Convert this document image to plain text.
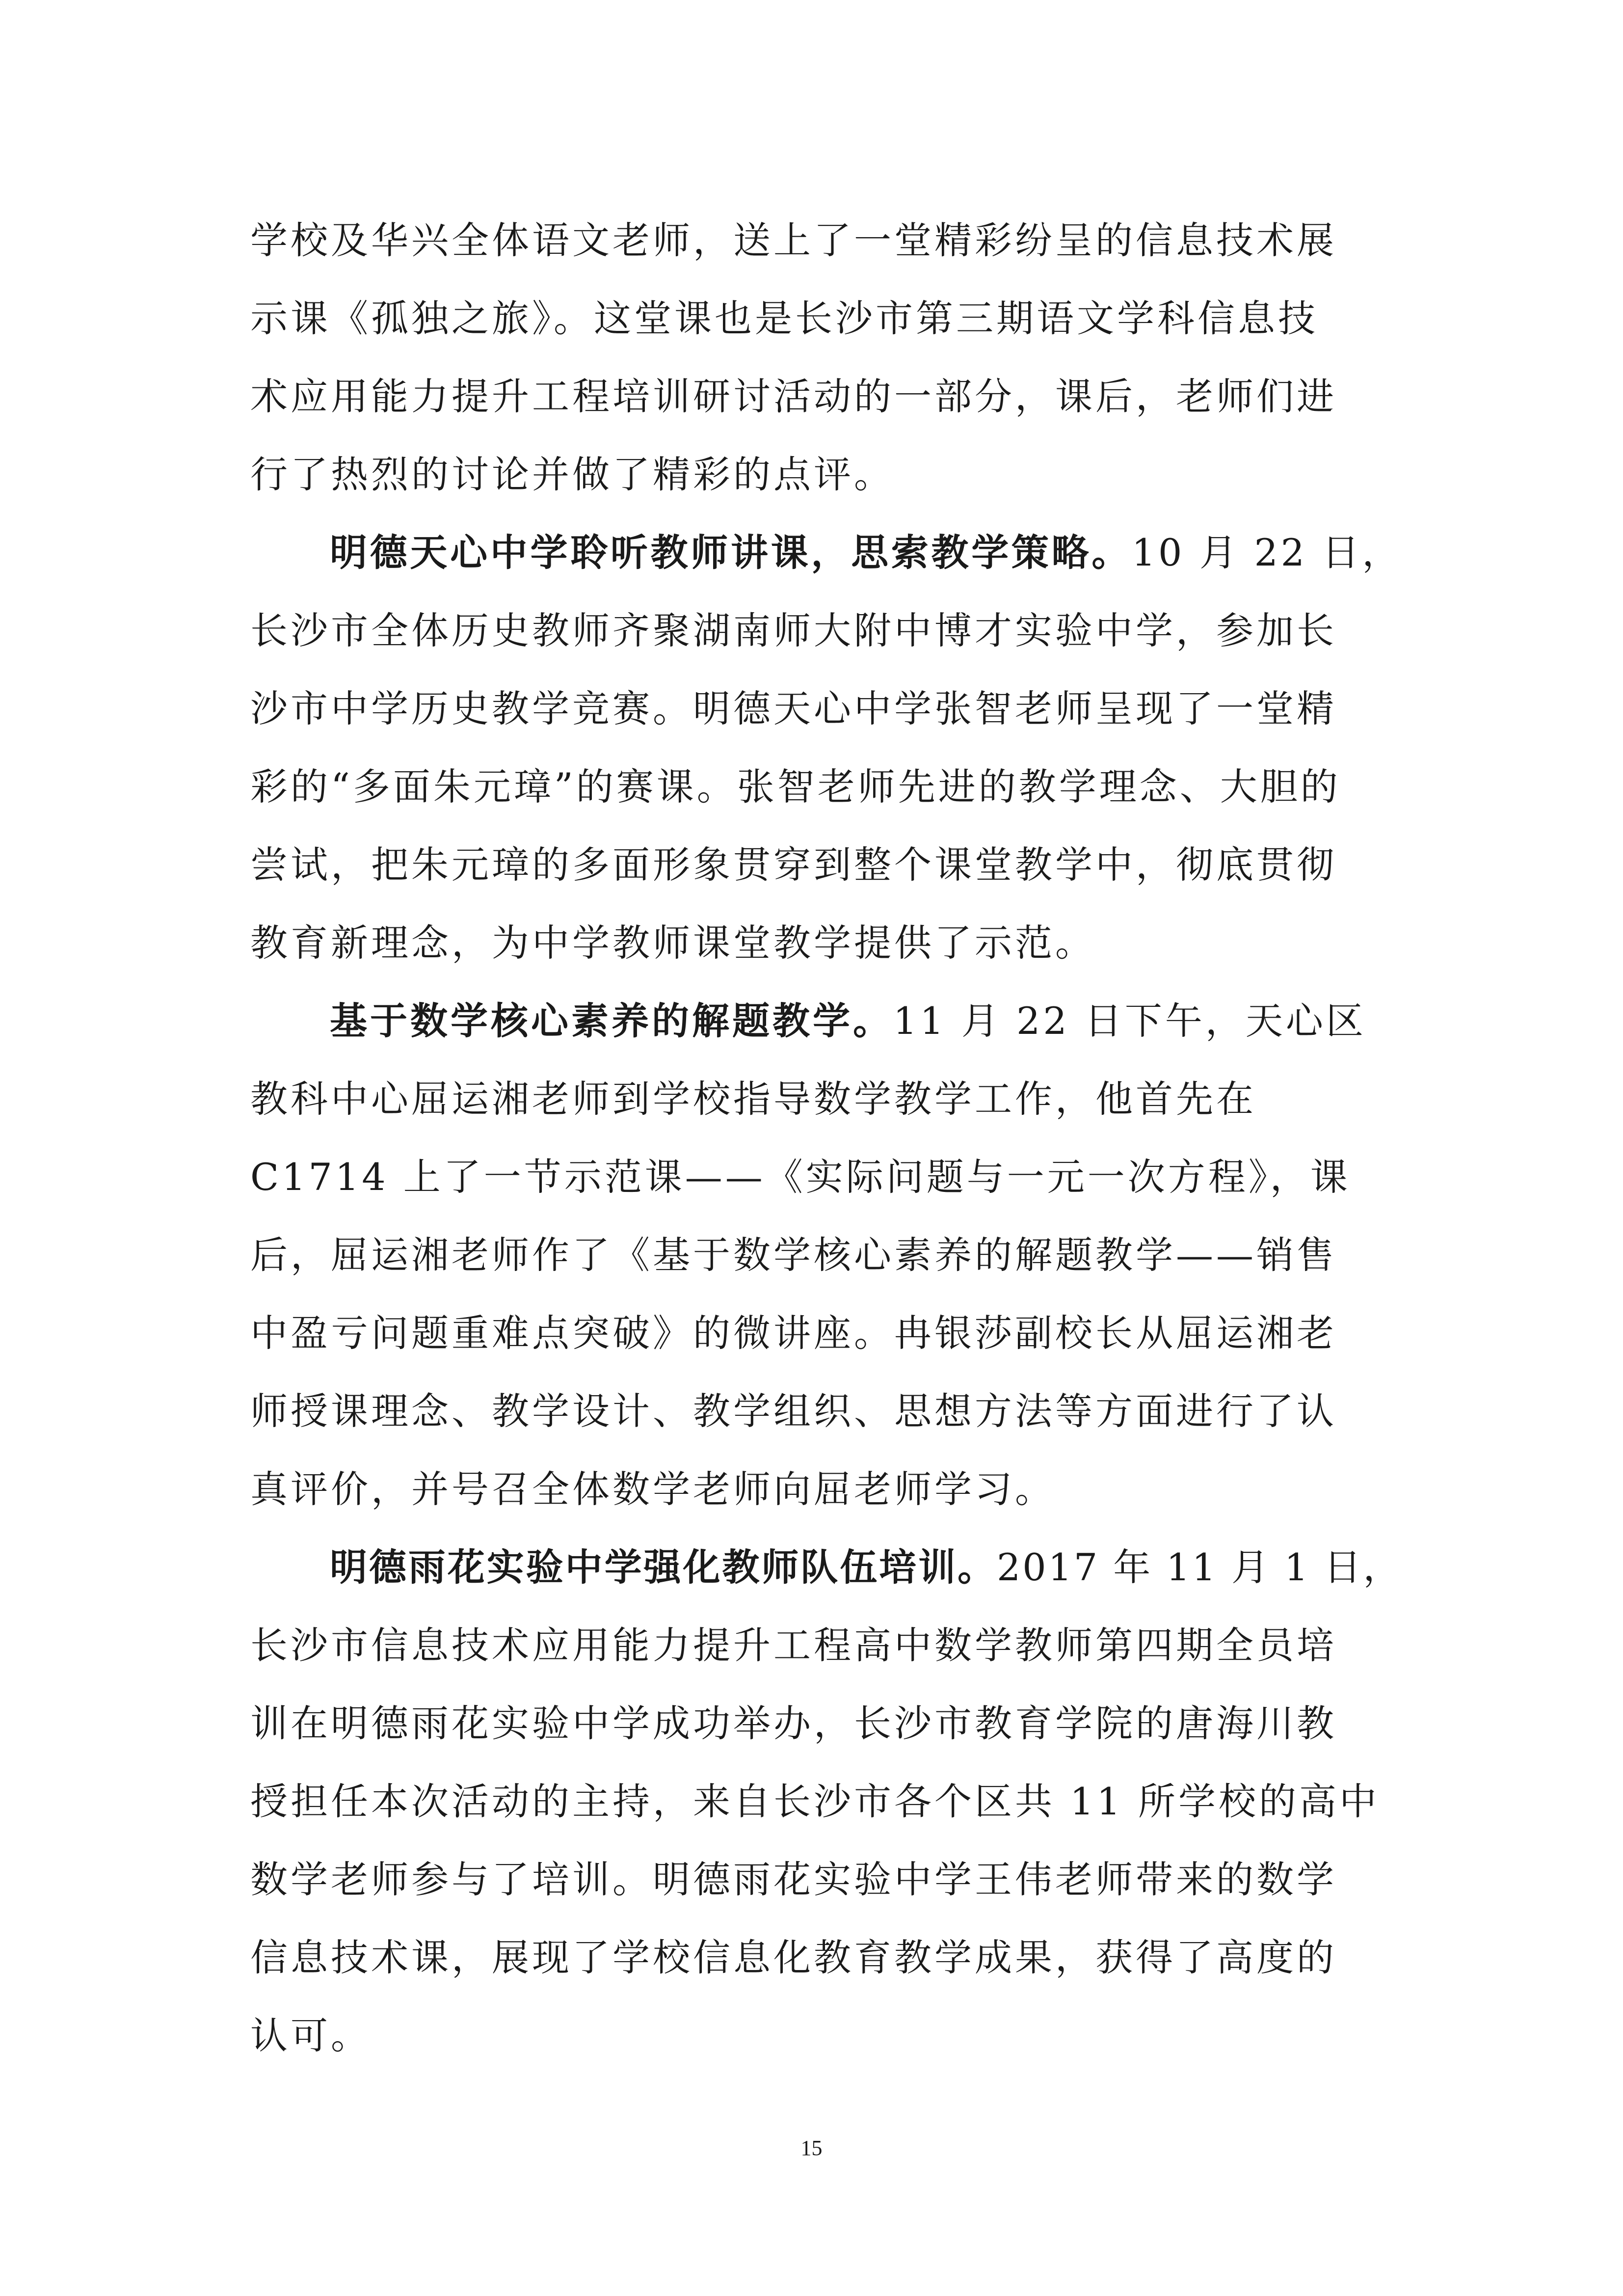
学校及华兴全体语文老师，送上了一堂精彩纷呈的信息技术展
示课《孤独之旅》。这堂课也是长沙市第三期语文学科信息技
术应用能力提升工程培训研讨活动的一部分，课后，老师们进
行了热烈的讨论并做了精彩的点评。
明德天心中学聆听教师讲课，思索教学策略。10 月 22 日，
长沙市全体历史教师齐聚湖南师大附中博才实验中学，参加长
沙市中学历史教学竞赛。明德天心中学张智老师呈现了一堂精
彩的“多面朱元璋”的赛课。张智老师先进的教学理念、大胆的
尝试，把朱元璋的多面形象贯穿到整个课堂教学中，彻底贯彻
教育新理念，为中学教师课堂教学提供了示范。
基于数学核心素养的解题教学。11 月 22 日下午，天心区
教科中心屈运湘老师到学校指导数学教学工作，他首先在
C1714 上了一节示范课——《实际问题与一元一次方程》，课
后，屈运湘老师作了《基于数学核心素养的解题教学——销售
中盈亏问题重难点突破》的微讲座。冉银莎副校长从屈运湘老
师授课理念、教学设计、教学组织、思想方法等方面进行了认
真评价，并号召全体数学老师向屈老师学习。
明德雨花实验中学强化教师队伍培训。2017 年 11 月 1 日，
长沙市信息技术应用能力提升工程高中数学教师第四期全员培
训在明德雨花实验中学成功举办，长沙市教育学院的唐海川教
授担任本次活动的主持，来自长沙市各个区共 11 所学校的高中
数学老师参与了培训。明德雨花实验中学王伟老师带来的数学
信息技术课，展现了学校信息化教育教学成果，获得了高度的
认可。
15
